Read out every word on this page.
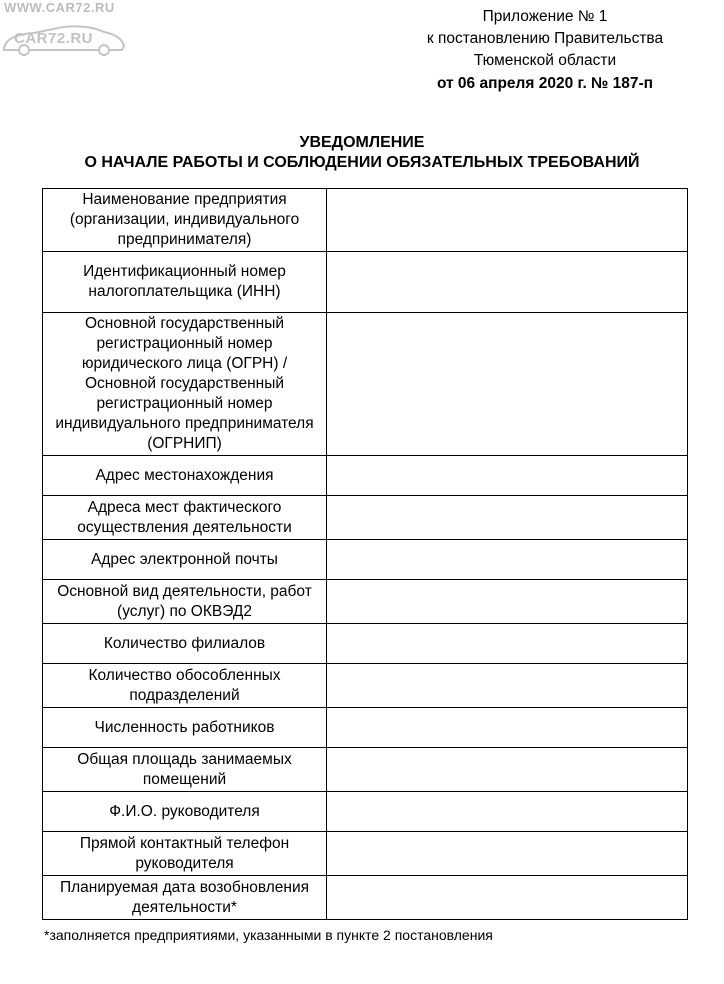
WWW.CAR72.RU
CAR72.RU
Приложение № 1
к постановлению Правительства
Тюменской области
от 06 апреля 2020 г. № 187-п
УВЕДОМЛЕНИЕ
О НАЧАЛЕ РАБОТЫ И СОБЛЮДЕНИИ ОБЯЗАТЕЛЬНЫХ ТРЕБОВАНИЙ
Наименование предприятия (организации, индивидуального предпринимателя)	
Идентификационный номер налогоплательщика (ИНН)	
Основной государственный регистрационный номер юридического лица (ОГРН) / Основной государственный регистрационный номер индивидуального предпринимателя (ОГРНИП)	
Адрес местонахождения	
Адреса мест фактического осуществления деятельности	
Адрес электронной почты	
Основной вид деятельности, работ (услуг) по ОКВЭД2	
Количество филиалов	
Количество обособленных подразделений	
Численность работников	
Общая площадь занимаемых помещений	
Ф.И.О. руководителя	
Прямой контактный телефон руководителя	
Планируемая дата возобновления деятельности*	
*заполняется предприятиями, указанными в пункте 2 постановления
